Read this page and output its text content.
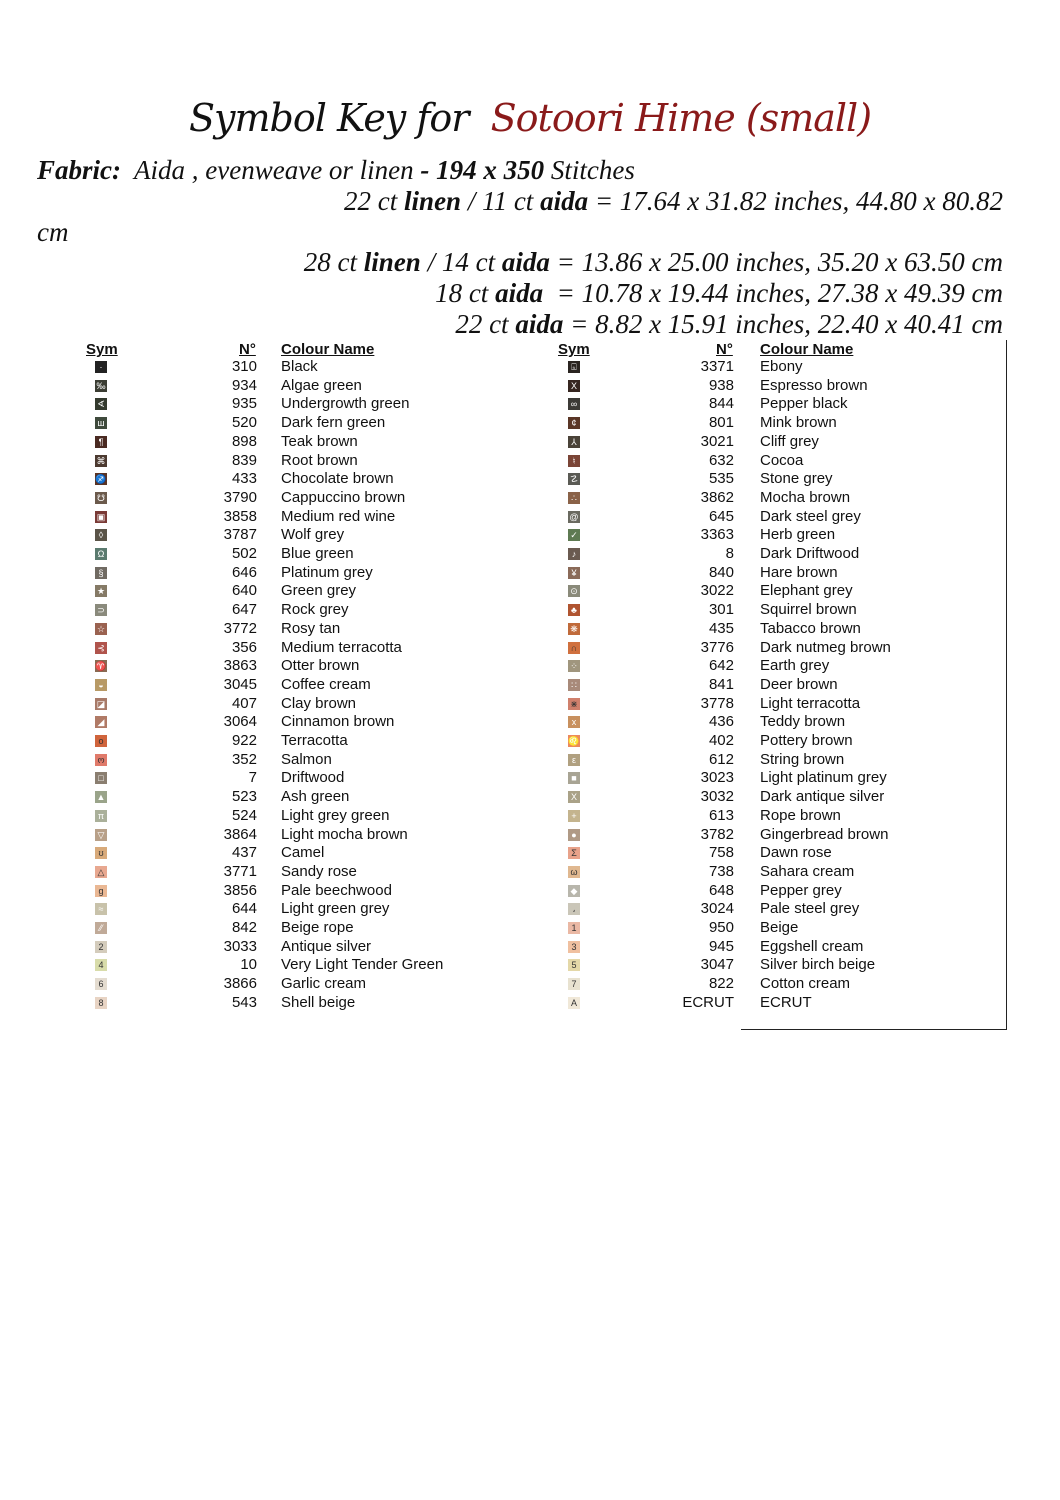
Symbol Key for Sotoori Hime (small)
Fabric: Aida , evenweave or linen - 194 x 350 Stitches
22 ct linen / 11 ct aida = 17.64 x 31.82 inches, 44.80 x 80.82
28 ct linen / 14 ct aida = 13.86 x 25.00 inches, 35.20 x 63.50 cm
18 ct aida  = 10.78 x 19.44 inches, 27.38 x 49.39 cm
22 ct aida = 8.82 x 15.91 inches, 22.40 x 40.41 cm
cm
Sym	N° Colour Name	Sym	N° Colour Name
·	310 Black
‰	934 Algae green
∢	935 Undergrowth green
ш	520 Dark fern green
¶	898 Teak brown
⌘	839 Root brown
♐	433 Chocolate brown
☋	3790 Cappuccino brown
▣	3858 Medium red wine
◊	3787 Wolf grey
Ω	502 Blue green
§	646 Platinum grey
★	640 Green grey
⊃	647 Rock grey
☆	3772 Rosy tan
⊰	356 Medium terracotta
♈	3863 Otter brown
◒	3045 Coffee cream
◪	407 Clay brown
◢	3064 Cinnamon brown
o	922 Terracotta
ო	352 Salmon
□	7 Driftwood
▲	523 Ash green
π	524 Light grey green
▽	3864 Light mocha brown
ʊ	437 Camel
△	3771 Sandy rose
g	3856 Pale beechwood
≈	644 Light green grey
⁄⁄	842 Beige rope
2	3033 Antique silver
4	10 Very Light Tender Green
6	3866 Garlic cream
8	543 Shell beige
⌺	3371 Ebony
X	938 Espresso brown
∞	844 Pepper black
¢	801 Mink brown
⅄	3021 Cliff grey
♮	632 Cocoa
☡	535 Stone grey
∴	3862 Mocha brown
@	645 Dark steel grey
✓	3363 Herb green
♪	8 Dark Driftwood
¥	840 Hare brown
⊙	3022 Elephant grey
♣	301 Squirrel brown
❋	435 Tabacco brown
∩	3776 Dark nutmeg brown
⁘	642 Earth grey
∷	841 Deer brown
⋇	3778 Light terracotta
x	436 Teddy brown
♌	402 Pottery brown
ε	612 String brown
■	3023 Light platinum grey
X	3032 Dark antique silver
+	613 Rope brown
●	3782 Gingerbread brown
Σ	758 Dawn rose
ω	738 Sahara cream
◆	648 Pepper grey
،	3024 Pale steel grey
1	950 Beige
3	945 Eggshell cream
5	3047 Silver birch beige
7	822 Cotton cream
A	ECRUT ECRUT
